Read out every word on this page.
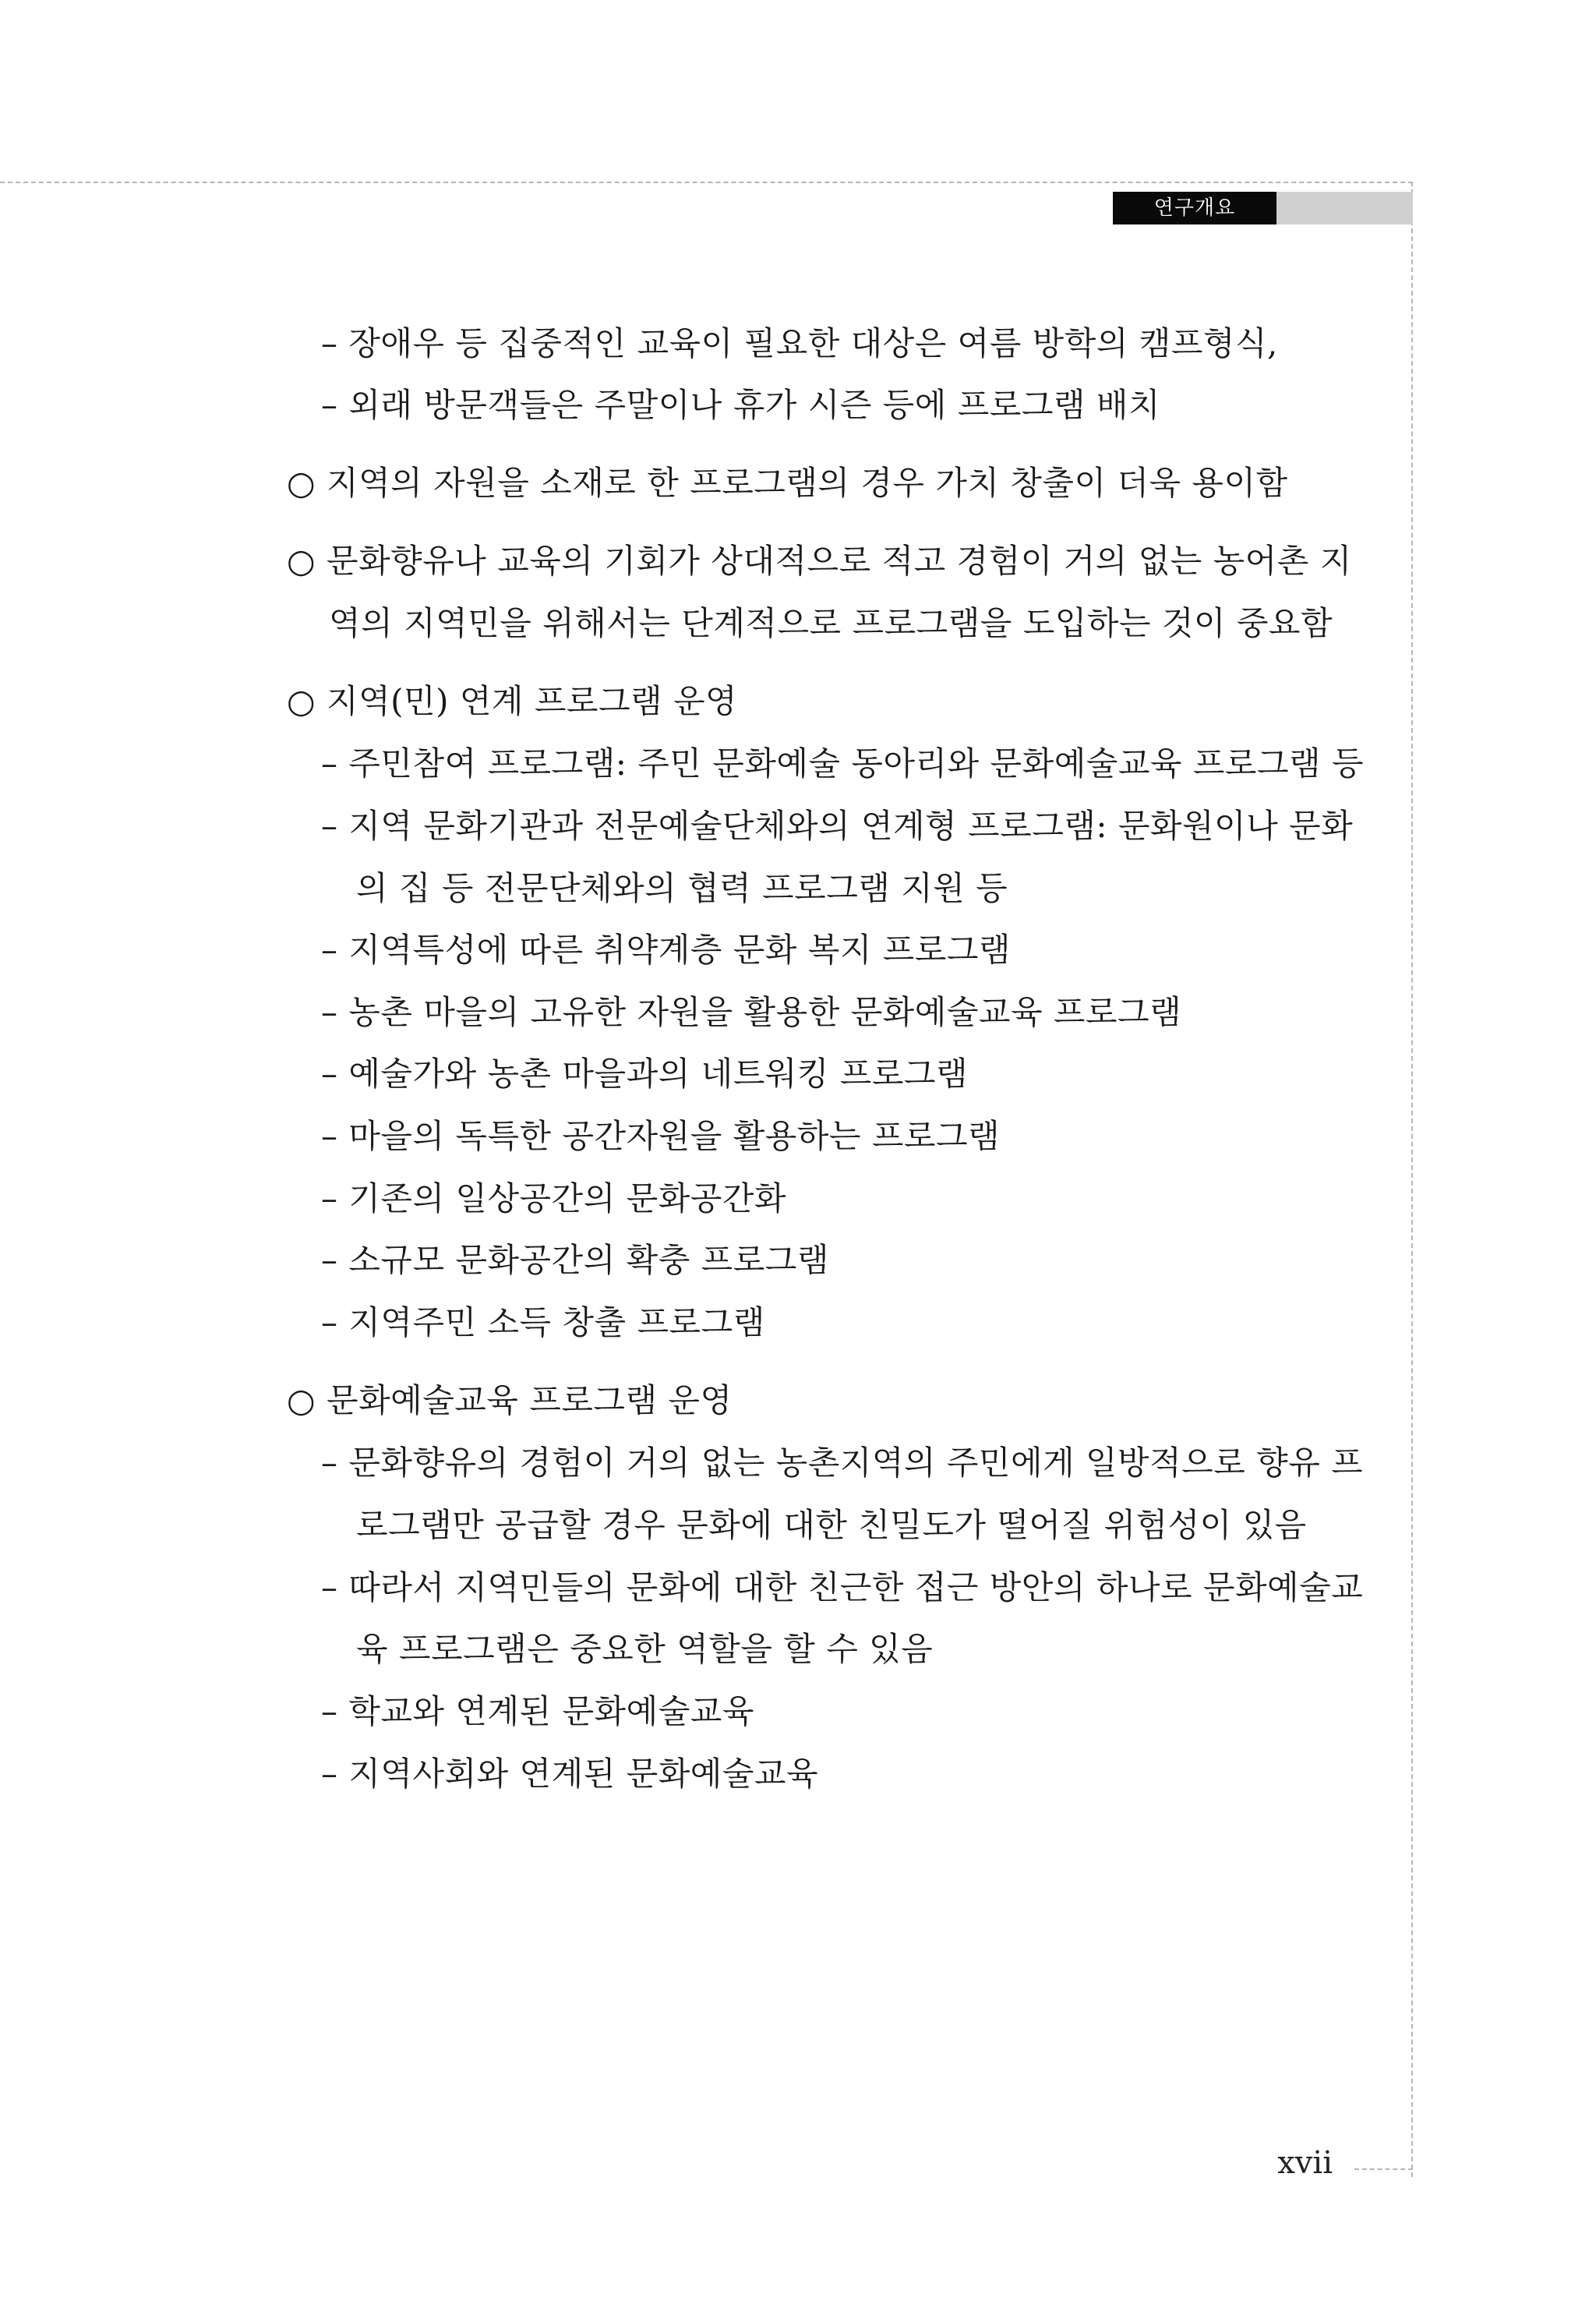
연구개요
– 장애우 등 집중적인 교육이 필요한 대상은 여름 방학의 캠프형식,
– 외래 방문객들은 주말이나 휴가 시즌 등에 프로그램 배치
○ 지역의 자원을 소재로 한 프로그램의 경우 가치 창출이 더욱 용이함
○ 문화향유나 교육의 기회가 상대적으로 적고 경험이 거의 없는 농어촌 지
역의 지역민을 위해서는 단계적으로 프로그램을 도입하는 것이 중요함
○ 지역(민) 연계 프로그램 운영
– 주민참여 프로그램: 주민 문화예술 동아리와 문화예술교육 프로그램 등
– 지역 문화기관과 전문예술단체와의 연계형 프로그램: 문화원이나 문화
의 집 등 전문단체와의 협력 프로그램 지원 등
– 지역특성에 따른 취약계층 문화 복지 프로그램
– 농촌 마을의 고유한 자원을 활용한 문화예술교육 프로그램
– 예술가와 농촌 마을과의 네트워킹 프로그램
– 마을의 독특한 공간자원을 활용하는 프로그램
– 기존의 일상공간의 문화공간화
– 소규모 문화공간의 확충 프로그램
– 지역주민 소득 창출 프로그램
○ 문화예술교육 프로그램 운영
– 문화향유의 경험이 거의 없는 농촌지역의 주민에게 일방적으로 향유 프
로그램만 공급할 경우 문화에 대한 친밀도가 떨어질 위험성이 있음
– 따라서 지역민들의 문화에 대한 친근한 접근 방안의 하나로 문화예술교
육 프로그램은 중요한 역할을 할 수 있음
– 학교와 연계된 문화예술교육
– 지역사회와 연계된 문화예술교육
xvii
